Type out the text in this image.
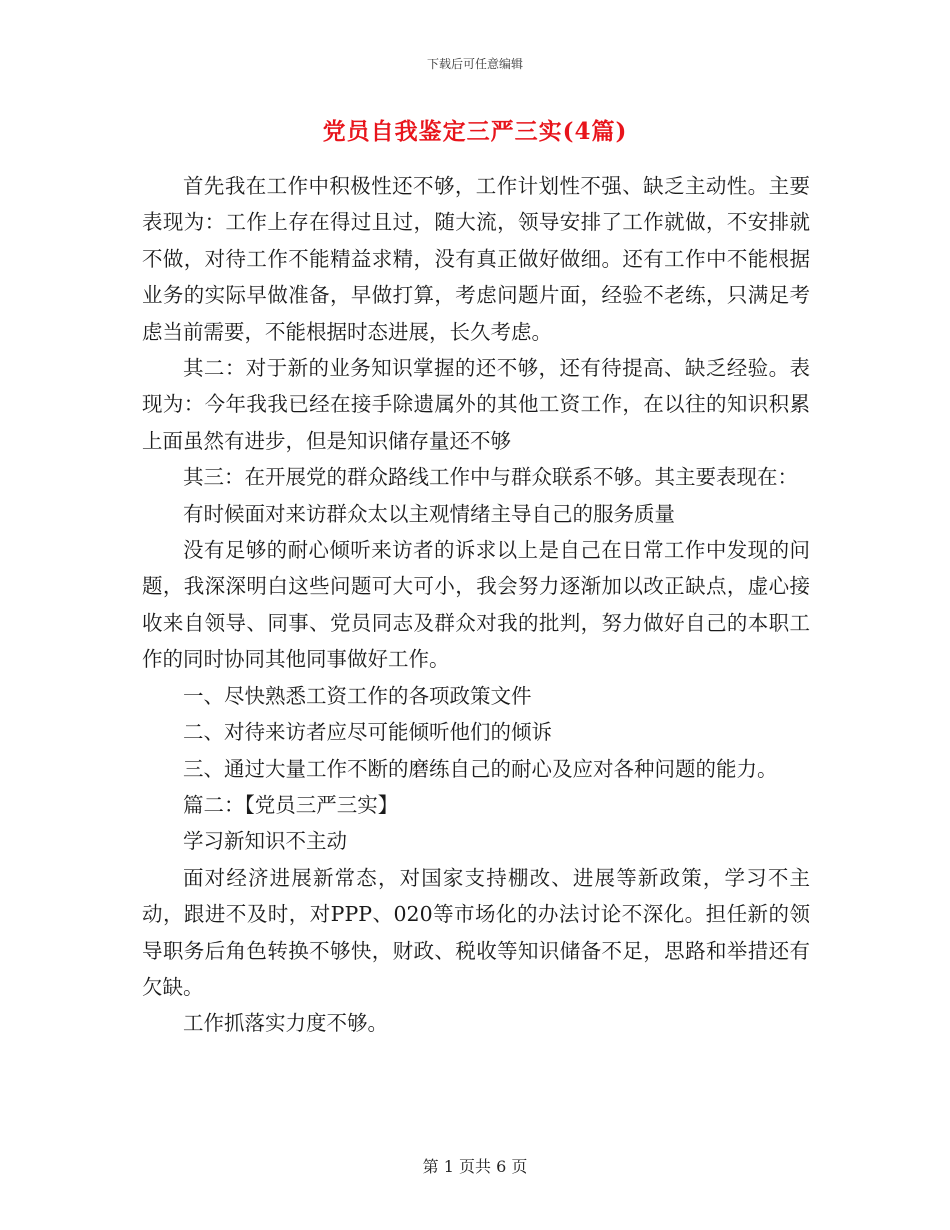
下载后可任意编辑
党员自我鉴定三严三实(4篇)

首先我在工作中积极性还不够，工作计划性不强、缺乏主动性。主要表现为：工作上存在得过且过，随大流，领导安排了工作就做，不安排就不做，对待工作不能精益求精，没有真正做好做细。还有工作中不能根据业务的实际早做准备，早做打算，考虑问题片面，经验不老练，只满足考虑当前需要，不能根据时态进展，长久考虑。

其二：对于新的业务知识掌握的还不够，还有待提高、缺乏经验。表现为：今年我我已经在接手除遗属外的其他工资工作，在以往的知识积累上面虽然有进步，但是知识储存量还不够

其三：在开展党的群众路线工作中与群众联系不够。其主要表现在：

有时候面对来访群众太以主观情绪主导自己的服务质量

没有足够的耐心倾听来访者的诉求以上是自己在日常工作中发现的问题，我深深明白这些问题可大可小，我会努力逐渐加以改正缺点，虚心接收来自领导、同事、党员同志及群众对我的批判，努力做好自己的本职工作的同时协同其他同事做好工作。

一、尽快熟悉工资工作的各项政策文件

二、对待来访者应尽可能倾听他们的倾诉

三、通过大量工作不断的磨练自己的耐心及应对各种问题的能力。

篇二：【党员三严三实】

学习新知识不主动

面对经济进展新常态，对国家支持棚改、进展等新政策，学习不主动，跟进不及时，对PPP、020等市场化的办法讨论不深化。担任新的领导职务后角色转换不够快，财政、税收等知识储备不足，思路和举措还有欠缺。

工作抓落实力度不够。

第 1 页共 6 页
